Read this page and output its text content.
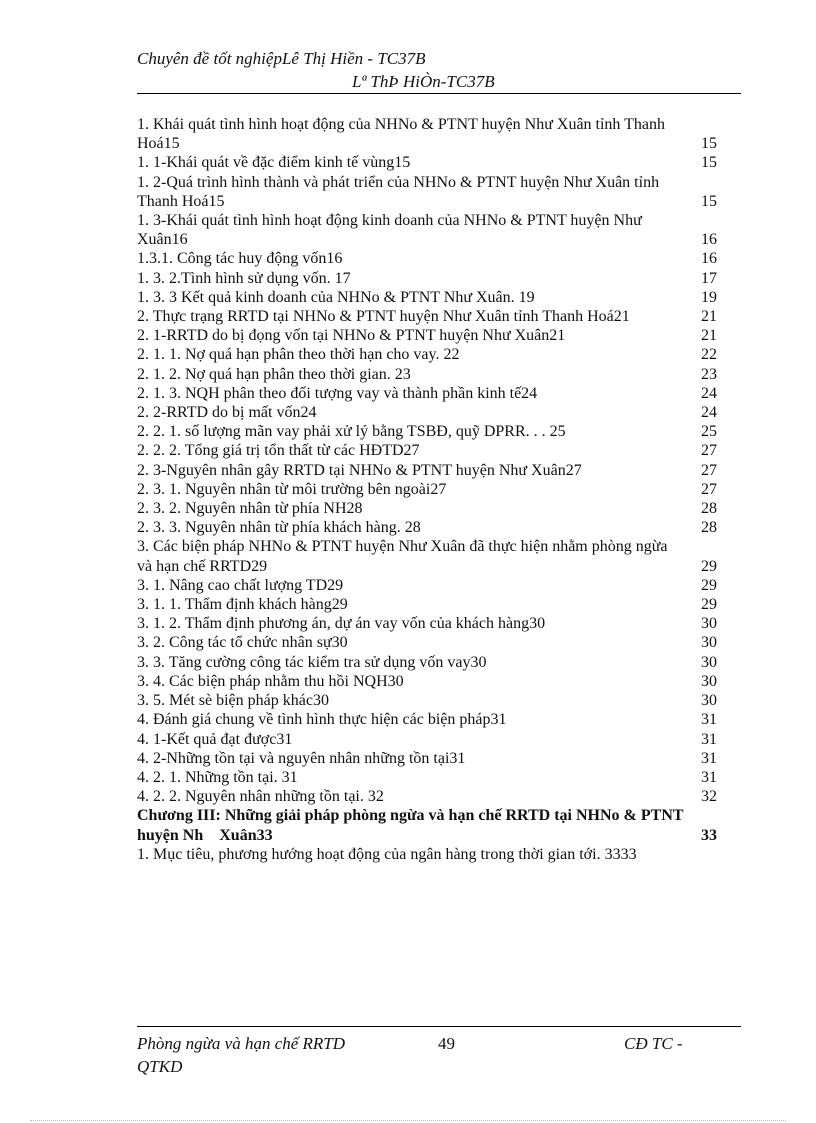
Chuyên đề tốt nghiệpLê Thị Hiền - TC37B
Lª ThÞ HiÒn-TC37B
1. Khái quát tình hình hoạt động của NHNo & PTNT huyện Như Xuân tỉnh Thanh Hoá15	15
1. 1-Khái quát về đặc điểm kinh tế vùng15	15
1. 2-Quá trình hình thành và phát triển của NHNo & PTNT huyện Như Xuân tỉnh Thanh Hoá15	15
1. 3-Khái quát tình hình hoạt động kinh doanh của NHNo & PTNT huyện Như Xuân16	16
1.3.1. Công tác huy động vốn16	16
1. 3. 2.Tình hình sử dụng vốn. 17	17
1. 3. 3 Kết quả kinh doanh của NHNo & PTNT Như Xuân. 19	19
2. Thực trạng RRTD tại NHNo & PTNT huyện Như Xuân tỉnh Thanh Hoá21	21
2. 1-RRTD do bị đọng vốn tại NHNo & PTNT huyện Như Xuân21	21
2. 1. 1. Nợ quá hạn phân theo thời hạn cho vay. 22	22
2. 1. 2. Nợ quá hạn phân theo thời gian. 23	23
2. 1. 3. NQH phân theo đối tượng vay và thành phần kinh tế24	24
2. 2-RRTD do bị mất vốn24	24
2. 2. 1. số lượng mãn vay phải xử lý bằng TSBĐ, quỹ DPRR. . . 25	25
2. 2. 2. Tổng giá trị tổn thất từ các HĐTD27	27
2. 3-Nguyên nhân gây RRTD tại NHNo & PTNT huyện Như Xuân27	27
2. 3. 1. Nguyên nhân từ môi trường bên ngoài27	27
2. 3. 2. Nguyên nhân từ phía NH28	28
2. 3. 3. Nguyên nhân từ phía khách hàng. 28	28
3. Các biện pháp NHNo & PTNT huyện Như Xuân đã thực hiện nhằm phòng ngừa và hạn chế RRTD29	29
3. 1. Nâng cao chất lượng TD29	29
3. 1. 1. Thẩm định khách hàng29	29
3. 1. 2. Thẩm định phương án, dự án vay vốn của khách hàng30	30
3. 2. Công tác tổ chức nhân sự30	30
3. 3. Tăng cường công tác kiểm tra sử dụng vốn vay30	30
3. 4. Các biện pháp nhằm thu hồi NQH30	30
3. 5. Mét sè biện pháp khác30	30
4. Đánh giá chung về tình hình thực hiện các biện pháp31	31
4. 1-Kết quả đạt được31	31
4. 2-Những tồn tại và nguyên nhân những tồn tại31	31
4. 2. 1. Những tồn tại. 31	31
4. 2. 2. Nguyên nhân những tồn tại. 32	32
Chương III: Những giải pháp phòng ngừa và hạn chế RRTD tại NHNo & PTNT huyện Nh    Xuân33	33
1. Mục tiêu, phương hướng hoạt động của ngân hàng trong thời gian tới. 3333
Phòng ngừa và hạn chế RRTD	49	CĐ TC -
QTKD
